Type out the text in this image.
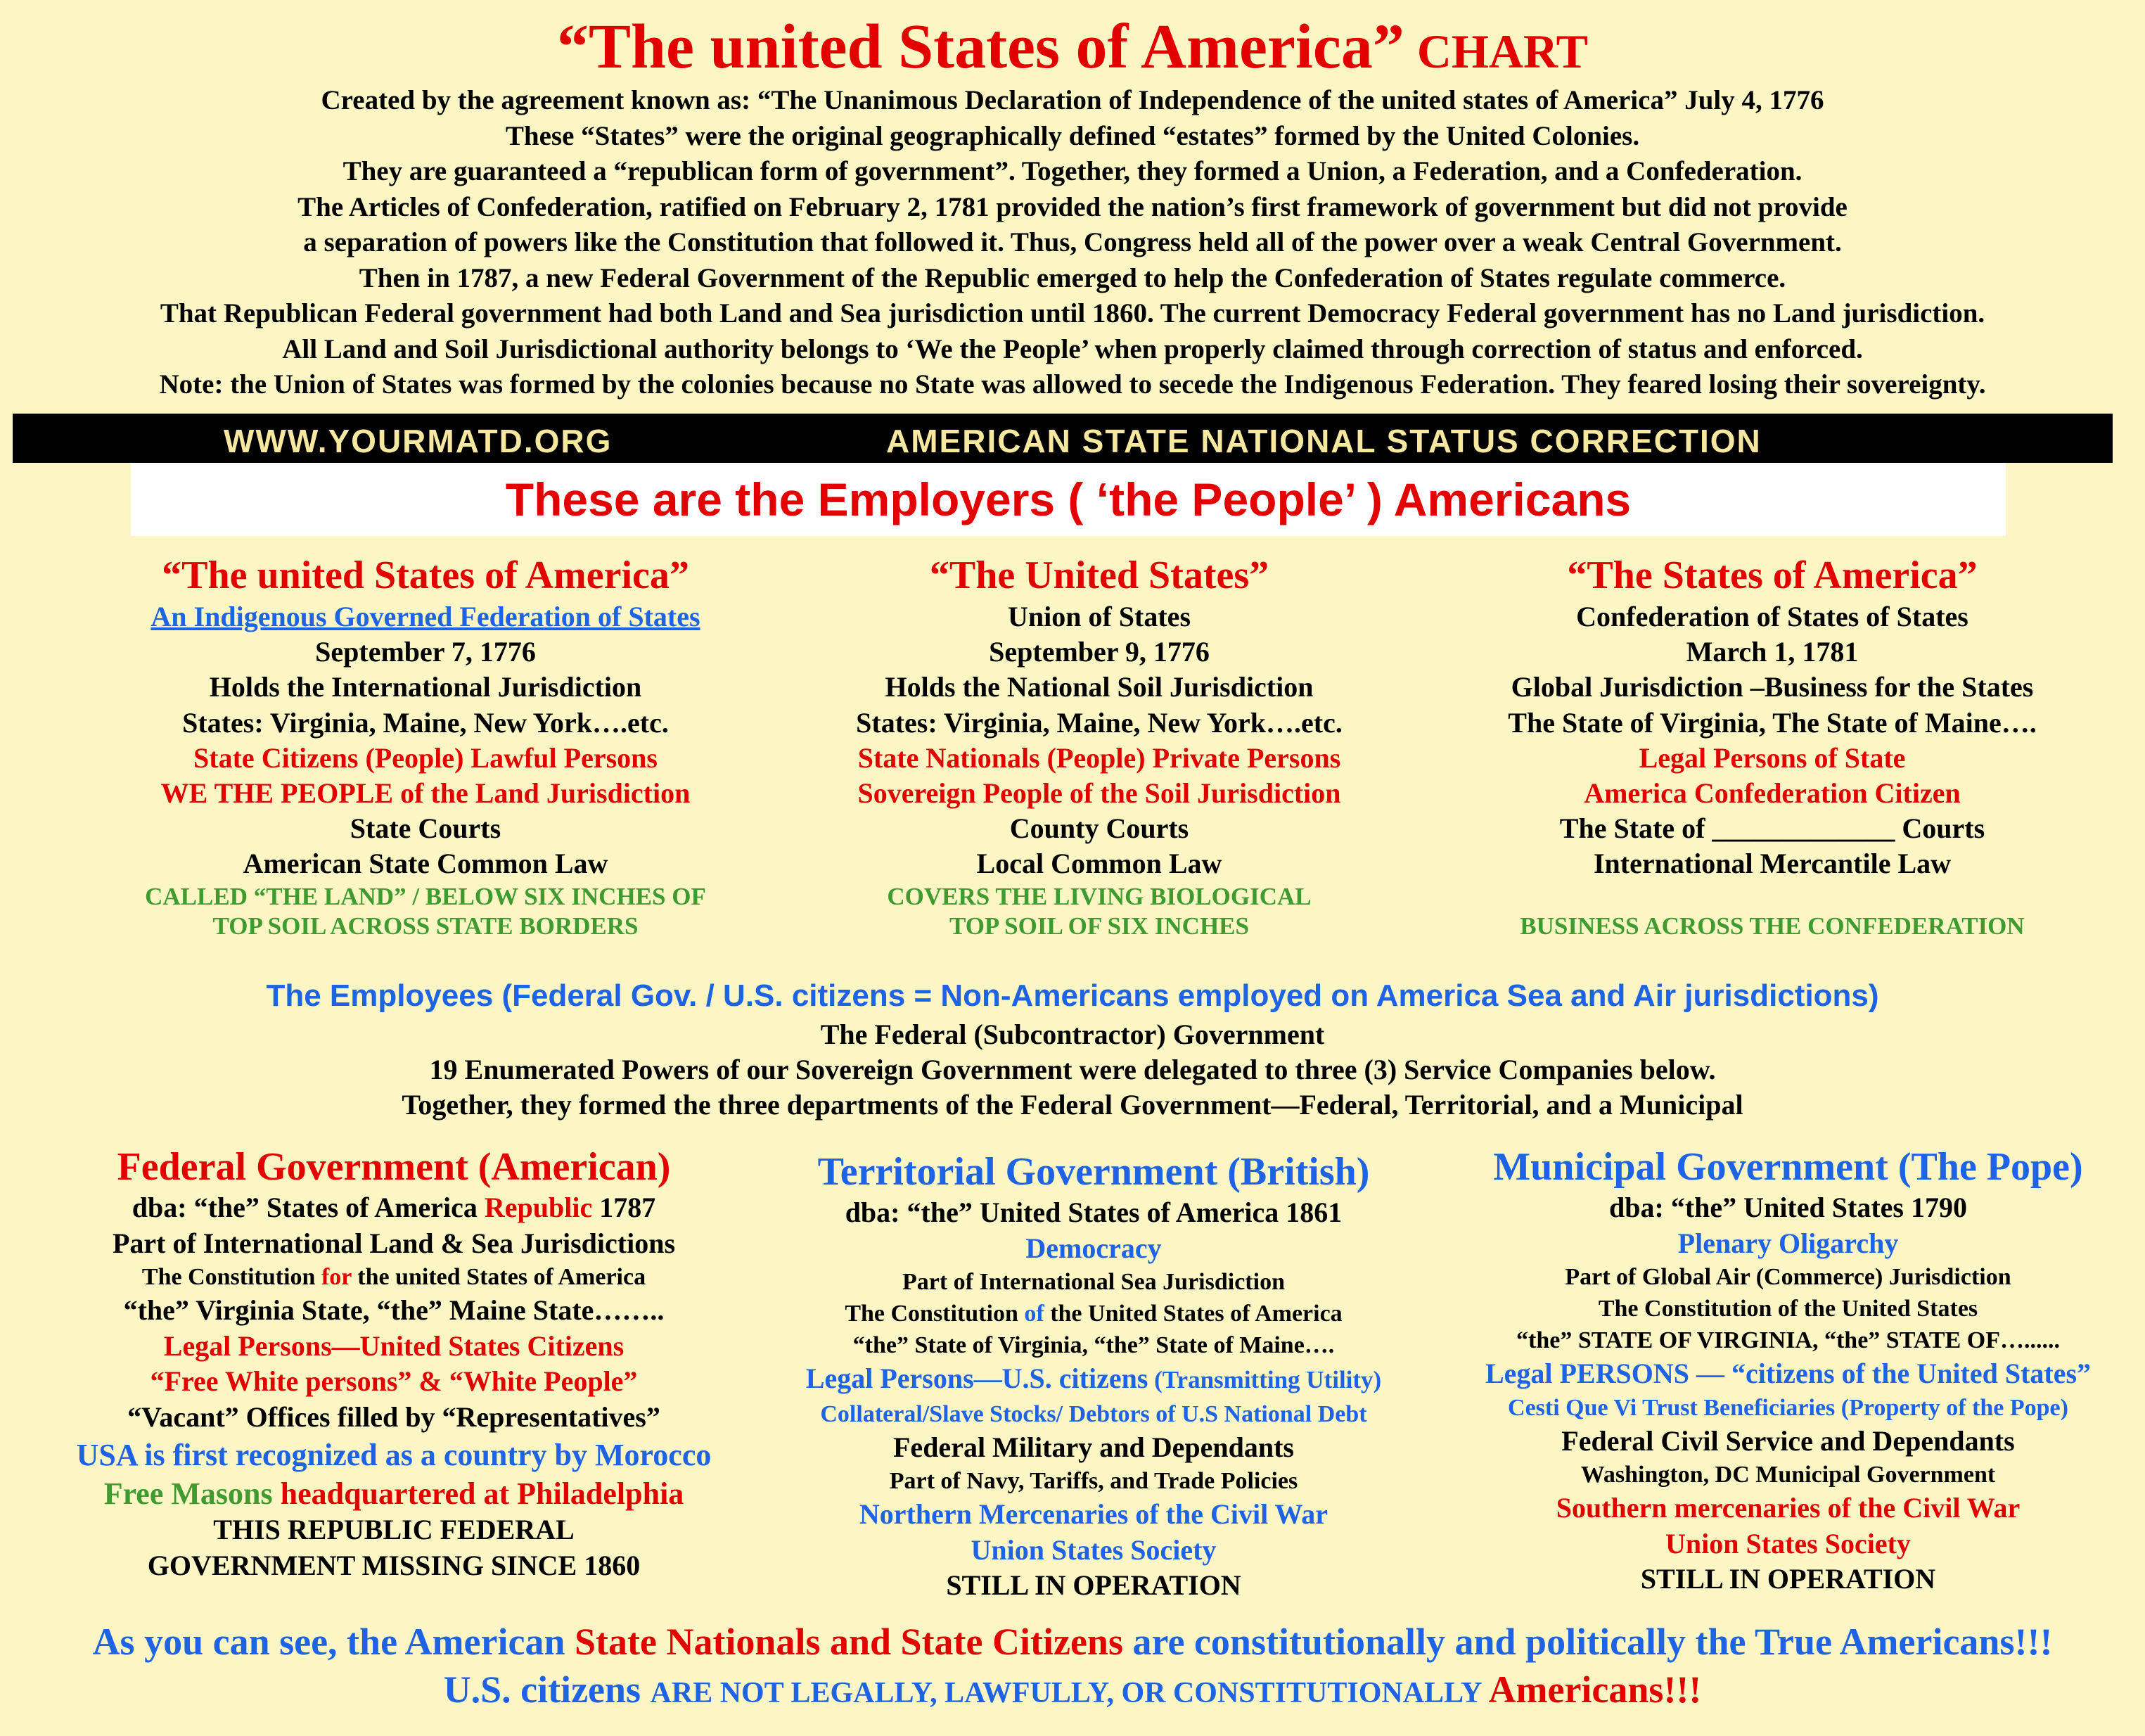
“The united States of America” CHART
Created by the agreement known as: “The Unanimous Declaration of Independence of the united states of America” July 4, 1776
These “States” were the original geographically defined “estates” formed by the United Colonies.
They are guaranteed a “republican form of government”. Together, they formed a Union, a Federation, and a Confederation.
The Articles of Confederation, ratified on February 2, 1781 provided the nation’s first framework of government but did not provide
a separation of powers like the Constitution that followed it. Thus, Congress held all of the power over a weak Central Government.
Then in 1787, a new Federal Government of the Republic emerged to help the Confederation of States regulate commerce.
That Republican Federal government had both Land and Sea jurisdiction until 1860. The current Democracy Federal government has no Land jurisdiction.
All Land and Soil Jurisdictional authority belongs to ‘We the People’ when properly claimed through correction of status and enforced.
Note: the Union of States was formed by the colonies because no State was allowed to secede the Indigenous Federation. They feared losing their sovereignty.
WWW.YOURMATD.ORG	AMERICAN STATE NATIONAL STATUS CORRECTION
These are the Employers ( ‘the People’ ) Americans
“The united States of America”
An Indigenous Governed Federation of States
September 7, 1776
Holds the International Jurisdiction
States: Virginia, Maine, New York….etc.
State Citizens (People) Lawful Persons
WE THE PEOPLE of the Land Jurisdiction
State Courts
American State Common Law
CALLED “THE LAND” / BELOW SIX INCHES OF
TOP SOIL ACROSS STATE BORDERS
“The United States”
Union of States
September 9, 1776
Holds the National Soil Jurisdiction
States: Virginia, Maine, New York….etc.
State Nationals (People) Private Persons
Sovereign People of the Soil Jurisdiction
County Courts
Local Common Law
COVERS THE LIVING BIOLOGICAL
TOP SOIL OF SIX INCHES
“The States of America”
Confederation of States of States
March 1, 1781
Global Jurisdiction –Business for the States
The State of Virginia, The State of Maine….
Legal Persons of State
America Confederation Citizen
The State of _____________ Courts
International Mercantile Law
BUSINESS ACROSS THE CONFEDERATION
The Employees (Federal Gov. / U.S. citizens = Non-Americans employed on America Sea and Air jurisdictions)
The Federal (Subcontractor) Government
19 Enumerated Powers of our Sovereign Government were delegated to three (3) Service Companies below.
Together, they formed the three departments of the Federal Government—Federal, Territorial, and a Municipal
Federal Government (American)
dba: “the” States of America Republic 1787
Part of International Land & Sea Jurisdictions
The Constitution for the united States of America
“the” Virginia State, “the” Maine State……..
Legal Persons—United States Citizens
“Free White persons” & “White People”
“Vacant” Offices filled by “Representatives”
USA is first recognized as a country by Morocco
Free Masons headquartered at Philadelphia
THIS REPUBLIC FEDERAL
GOVERNMENT MISSING SINCE 1860
Territorial Government (British)
dba: “the” United States of America 1861
Democracy
Part of International Sea Jurisdiction
The Constitution of the United States of America
“the” State of Virginia, “the” State of Maine….
Legal Persons—U.S. citizens (Transmitting Utility)
Collateral/Slave Stocks/ Debtors of U.S National Debt
Federal Military and Dependants
Part of Navy, Tariffs, and Trade Policies
Northern Mercenaries of the Civil War
Union States Society
STILL IN OPERATION
Municipal Government (The Pope)
dba: “the” United States 1790
Plenary Oligarchy
Part of Global Air (Commerce) Jurisdiction
The Constitution of the United States
“the” STATE OF VIRGINIA, “the” STATE OF…......
Legal PERSONS — “citizens of the United States”
Cesti Que Vi Trust Beneficiaries (Property of the Pope)
Federal Civil Service and Dependants
Washington, DC Municipal Government
Southern mercenaries of the Civil War
Union States Society
STILL IN OPERATION
As you can see, the American State Nationals and State Citizens are constitutionally and politically the True Americans!!!
U.S. citizens ARE NOT LEGALLY, LAWFULLY, OR CONSTITUTIONALLY Americans!!!
